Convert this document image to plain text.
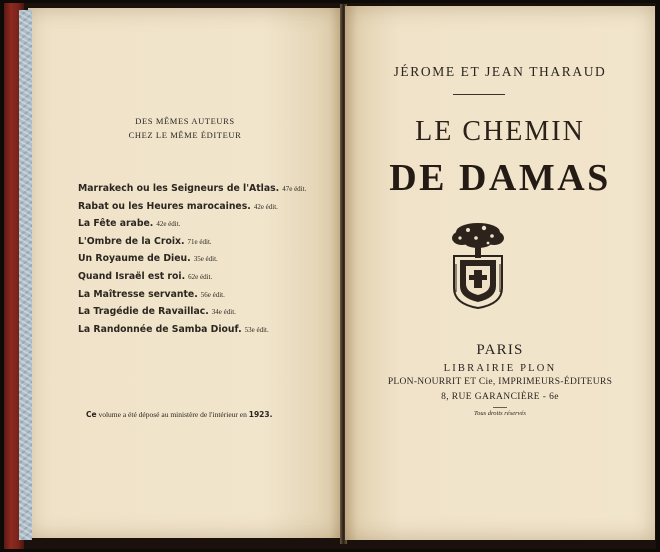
DES MÊMES AUTEURS
CHEZ LE MÊME ÉDITEUR
Marrakech ou les Seigneurs de l'Atlas. 47e édit.
Rabat ou les Heures marocaines. 42e édit.
La Fête arabe. 42e édit.
L'Ombre de la Croix. 71e édit.
Un Royaume de Dieu. 35e édit.
Quand Israël est roi. 62e édit.
La Maîtresse servante. 56e édit.
La Tragédie de Ravaillac. 34e édit.
La Randonnée de Samba Diouf. 53e édit.
Ce volume a été déposé au ministère de l'intérieur en 1923.
JÉROME ET JEAN THARAUD
LE CHEMIN
DE DAMAS
PARIS
LIBRAIRIE PLON
PLON-NOURRIT ET Cie, IMPRIMEURS-ÉDITEURS
8, RUE GARANCIÈRE - 6e
Tous droits réservés
